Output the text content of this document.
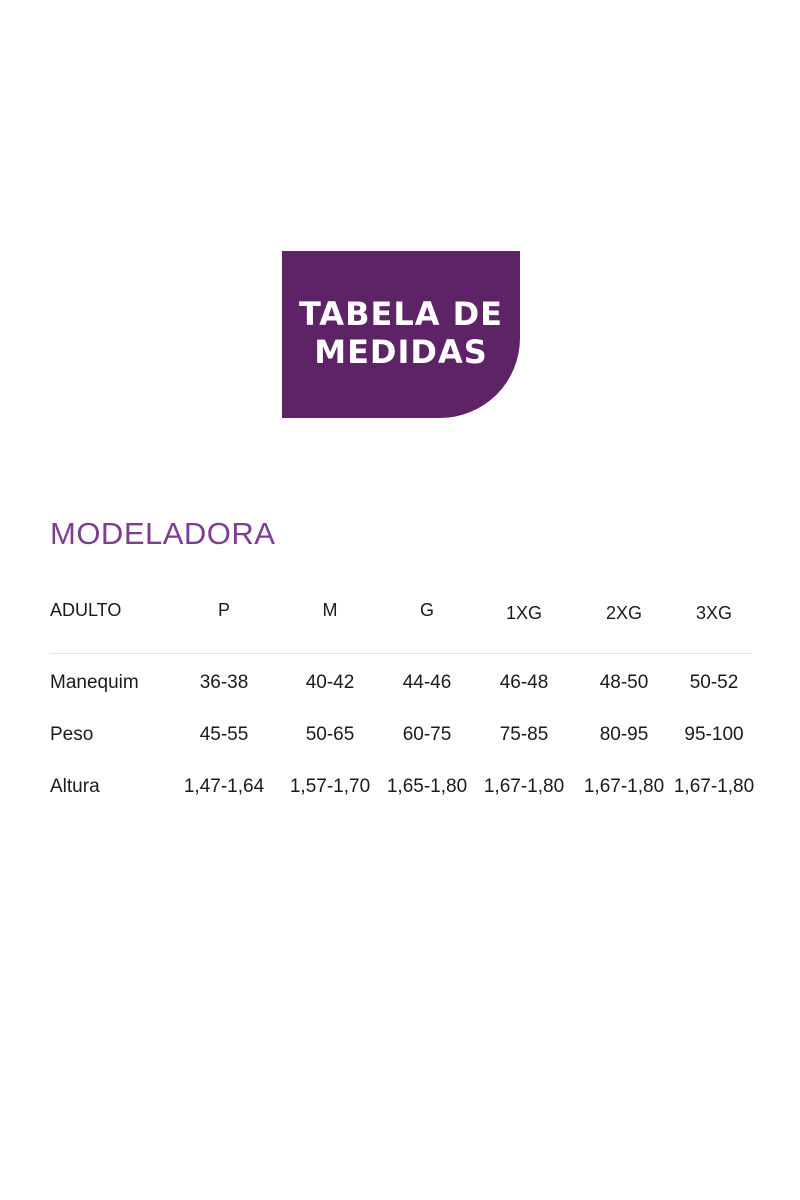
TABELA DE
MEDIDAS
MODELADORA
ADULTO	P	M	G	1XG	2XG	3XG
Manequim	36-38	40-42	44-46	46-48	48-50 50-52
Peso	45-55	50-65	60-75	75-85	80-95 95-100
Altura	1,47-1,64 1,57-1,70 1,65-1,80 1,67-1,80 1,67-1,80 1,67-1,80
